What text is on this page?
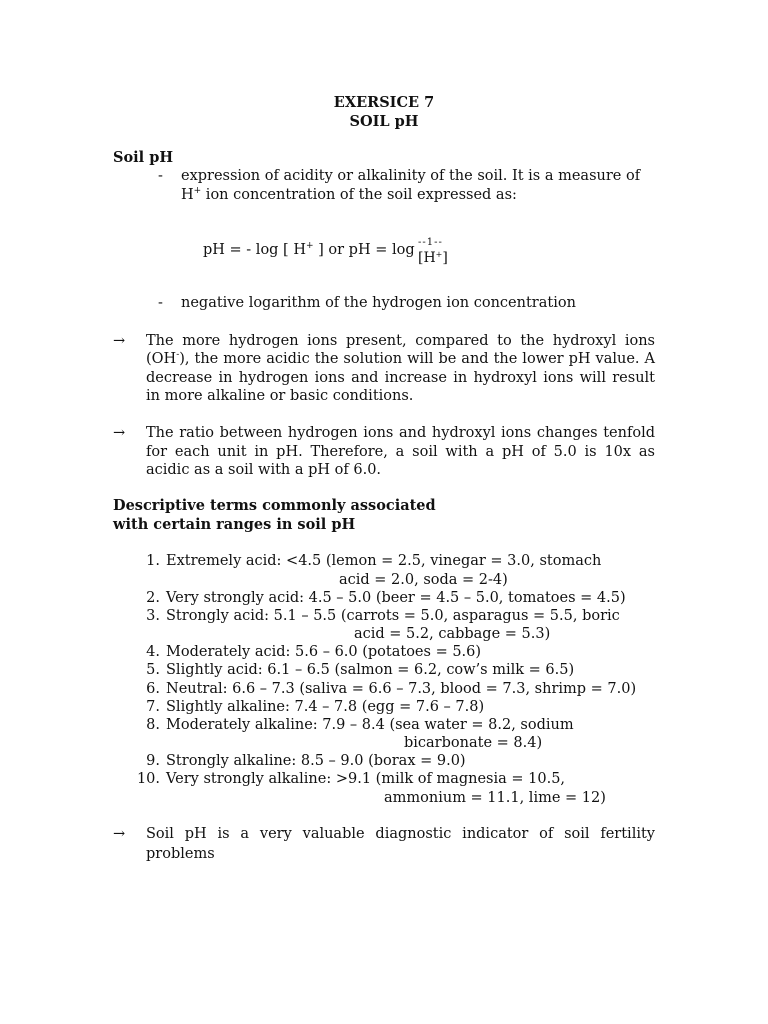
EXERSICE 7
SOIL pH
Soil pH
- expression of acidity or alkalinity of the soil. It is a measure of
H+ ion concentration of the soil expressed as:
pH = - log [ H+ ] or pH = log --1--
[H+]
- negative logarithm of the hydrogen ion concentration
→ The more hydrogen ions present, compared to the hydroxyl ions
(OH-), the more acidic the solution will be and the lower pH value. A
decrease in hydrogen ions and increase in hydroxyl ions will result
in more alkaline or basic conditions.
→ The ratio between hydrogen ions and hydroxyl ions changes tenfold
for each unit in pH. Therefore, a soil with a pH of 5.0 is 10x as
acidic as a soil with a pH of 6.0.
Descriptive terms commonly associated
with certain ranges in soil pH
1. Extremely acid: <4.5 (lemon = 2.5, vinegar = 3.0, stomach
acid = 2.0, soda = 2-4)
2. Very strongly acid: 4.5 – 5.0 (beer = 4.5 – 5.0, tomatoes = 4.5)
3. Strongly acid: 5.1 – 5.5 (carrots = 5.0, asparagus = 5.5, boric
acid = 5.2, cabbage = 5.3)
4. Moderately acid: 5.6 – 6.0 (potatoes = 5.6)
5. Slightly acid: 6.1 – 6.5 (salmon = 6.2, cow’s milk = 6.5)
6. Neutral: 6.6 – 7.3 (saliva = 6.6 – 7.3, blood = 7.3, shrimp = 7.0)
7. Slightly alkaline: 7.4 – 7.8 (egg = 7.6 – 7.8)
8. Moderately alkaline: 7.9 – 8.4 (sea water = 8.2, sodium
bicarbonate = 8.4)
9. Strongly alkaline: 8.5 – 9.0 (borax = 9.0)
10. Very strongly alkaline: >9.1 (milk of magnesia = 10.5,
ammonium = 11.1, lime = 12)
→ Soil pH is a very valuable diagnostic indicator of soil fertility
problems
